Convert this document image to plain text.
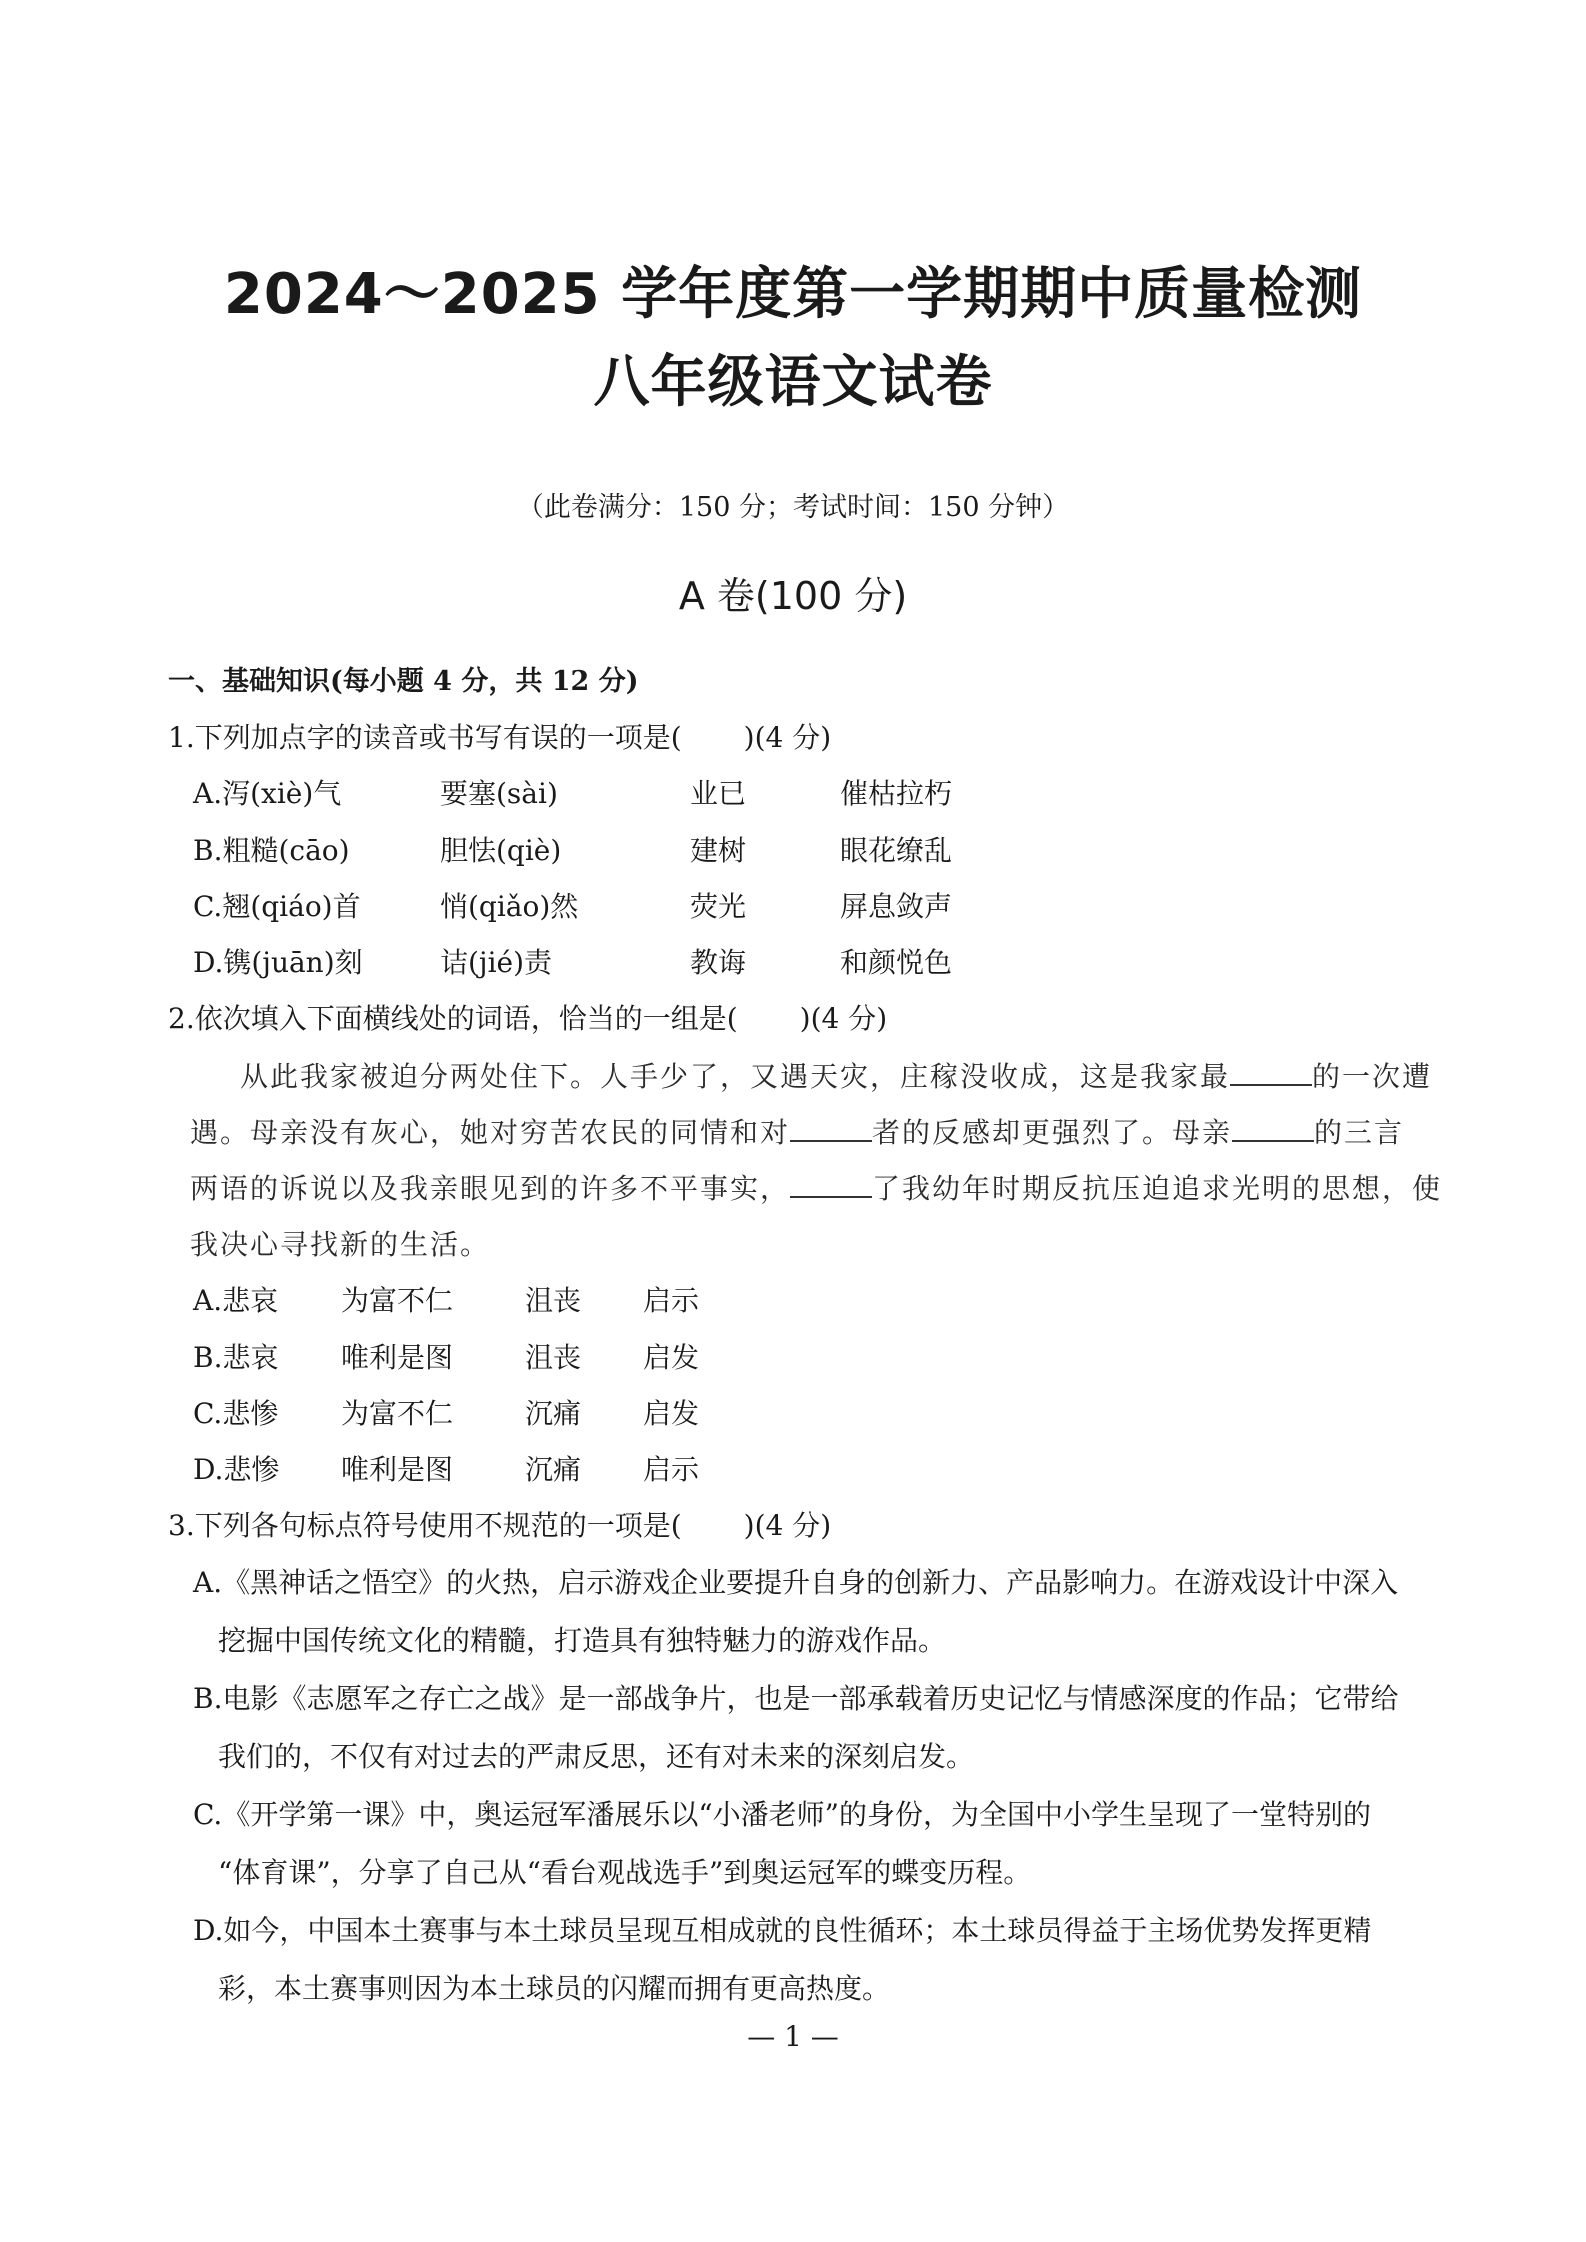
2024～2025 学年度第一学期期中质量检测
八年级语文试卷
（此卷满分：150 分；考试时间：150 分钟）
A 卷(100 分)
一、基础知识(每小题 4 分，共 12 分)
1.下列加点字的读音或书写有误的一项是( )(4 分)
A.泻(xiè)气	要塞(sài)	业已	催枯拉朽
B.粗糙(cāo)	胆怯(qiè)	建树	眼花缭乱
C.翘(qiáo)首	悄(qiǎo)然	荧光	屏息敛声
D.镌(juān)刻	诘(jié)责	教诲	和颜悦色
2.依次填入下面横线处的词语，恰当的一组是( )(4 分)
从此我家被迫分两处住下。人手少了，又遇天灾，庄稼没收成，这是我家最	的一次遭
遇。母亲没有灰心，她对穷苦农民的同情和对	者的反感却更强烈了。母亲	的三言
两语的诉说以及我亲眼见到的许多不平事实，	了我幼年时期反抗压迫追求光明的思想，使
我决心寻找新的生活。
A.悲哀 为富不仁	沮丧 启示
B.悲哀 唯利是图	沮丧 启发
C.悲惨 为富不仁	沉痛 启发
D.悲惨 唯利是图	沉痛 启示
3.下列各句标点符号使用不规范的一项是( )(4 分)
A.《黑神话之悟空》的火热，启示游戏企业要提升自身的创新力、产品影响力。在游戏设计中深入
挖掘中国传统文化的精髓，打造具有独特魅力的游戏作品。
B.电影《志愿军之存亡之战》是一部战争片，也是一部承载着历史记忆与情感深度的作品；它带给
我们的，不仅有对过去的严肃反思，还有对未来的深刻启发。
C.《开学第一课》中，奥运冠军潘展乐以“小潘老师”的身份，为全国中小学生呈现了一堂特别的
“体育课”，分享了自己从“看台观战选手”到奥运冠军的蝶变历程。
D.如今，中国本土赛事与本土球员呈现互相成就的良性循环；本土球员得益于主场优势发挥更精
彩，本土赛事则因为本土球员的闪耀而拥有更高热度。
— 1 —
